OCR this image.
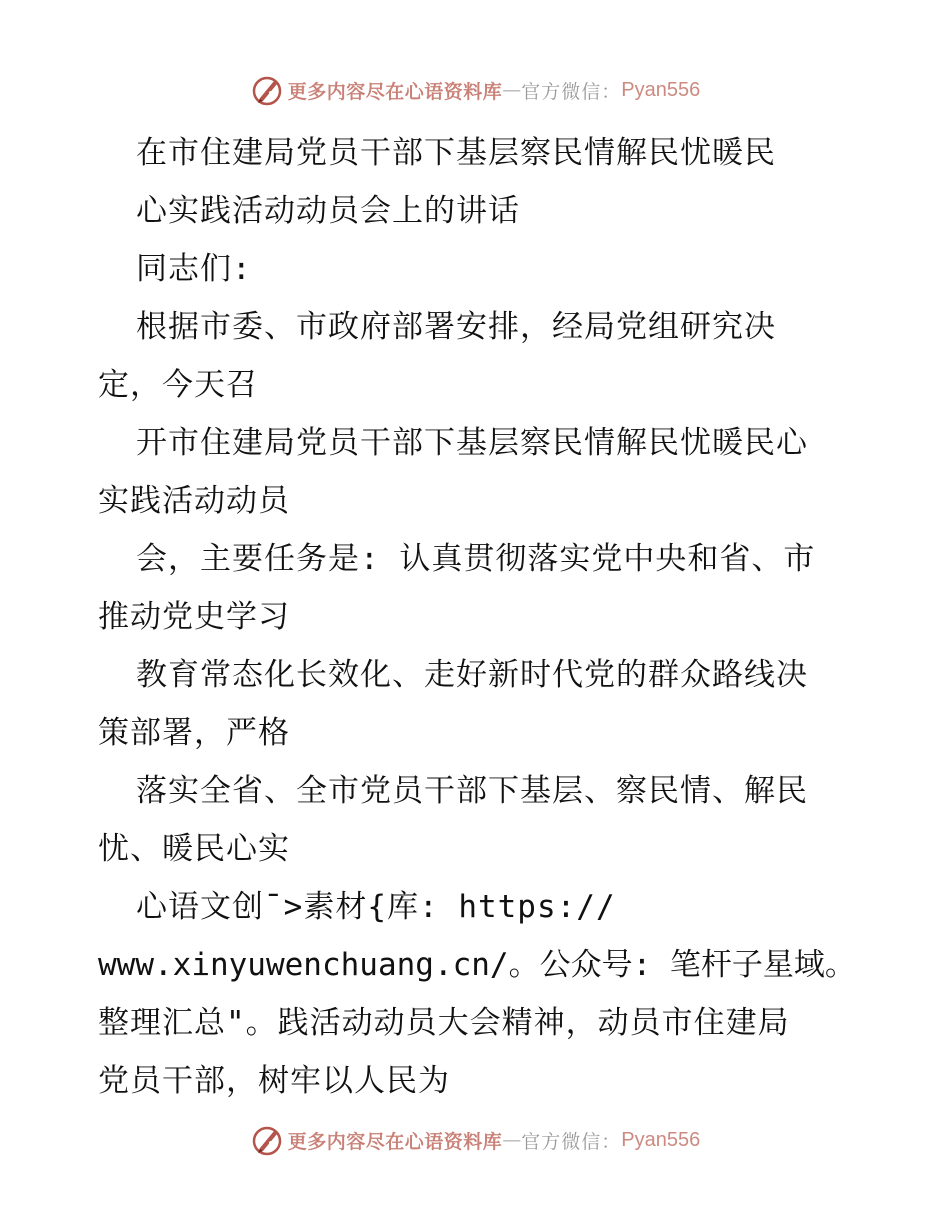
更多内容尽在心语资料库 — 官方微信： Pyan556
在市住建局党员干部下基层察民情解民忧暖民
心实践活动动员会上的讲话
同志们:
根据市委、市政府部署安排，经局党组研究决
定，今天召
开市住建局党员干部下基层察民情解民忧暖民心
实践活动动员
会，主要任务是: 认真贯彻落实党中央和省、市
推动党史学习
教育常态化长效化、走好新时代党的群众路线决
策部署，严格
落实全省、全市党员干部下基层、察民情、解民
忧、暖民心实
心语文创¯>素材{库: https://
www.xinyuwenchuang.cn/。公众号: 笔杆子星域。
整理汇总"。践活动动员大会精神，动员市住建局
党员干部，树牢以人民为
更多内容尽在心语资料库 — 官方微信： Pyan556
